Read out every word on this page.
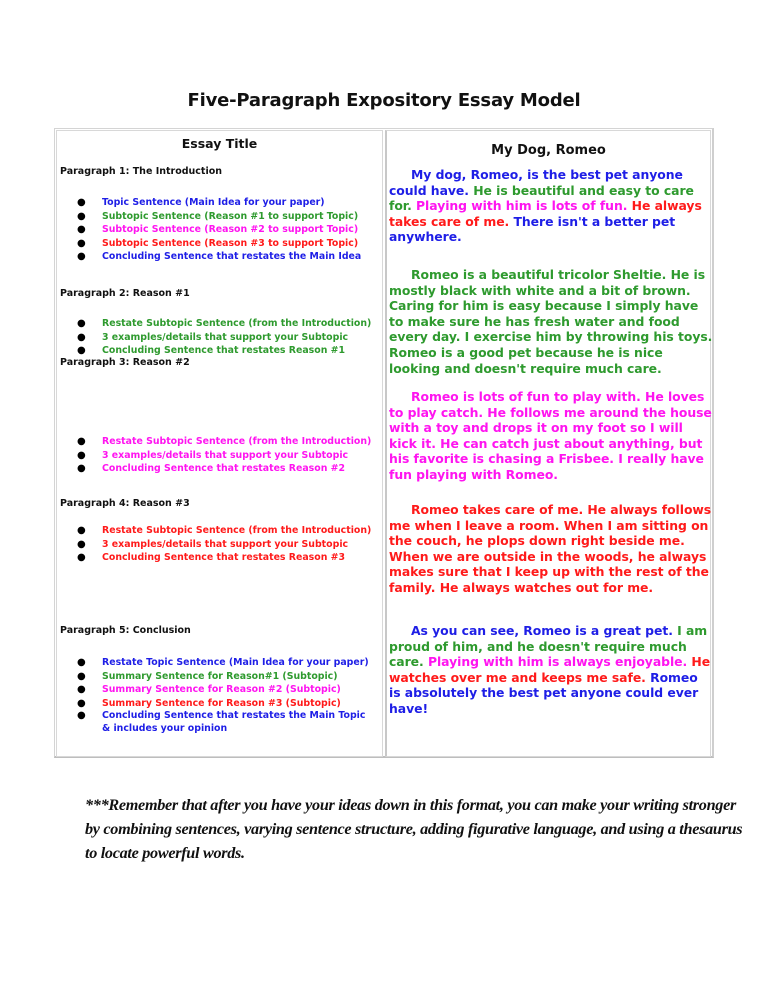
Five-Paragraph Expository Essay Model
Essay Title
Paragraph 1: The Introduction
● Topic Sentence (Main Idea for your paper)
● Subtopic Sentence (Reason #1 to support Topic)
● Subtopic Sentence (Reason #2 to support Topic)
● Subtopic Sentence (Reason #3 to support Topic)
● Concluding Sentence that restates the Main Idea
Paragraph 2: Reason #1
● Restate Subtopic Sentence (from the Introduction)
● 3 examples/details that support your Subtopic
● Concluding Sentence that restates Reason #1
Paragraph 3: Reason #2
● Restate Subtopic Sentence (from the Introduction)
● 3 examples/details that support your Subtopic
● Concluding Sentence that restates Reason #2
Paragraph 4: Reason #3
● Restate Subtopic Sentence (from the Introduction)
● 3 examples/details that support your Subtopic
● Concluding Sentence that restates Reason #3
Paragraph 5: Conclusion
● Restate Topic Sentence (Main Idea for your paper)
● Summary Sentence for Reason#1 (Subtopic)
● Summary Sentence for Reason #2 (Subtopic)
● Summary Sentence for Reason #3 (Subtopic)
● Concluding Sentence that restates the Main Topic & includes your opinion
My Dog, Romeo

My dog, Romeo, is the best pet anyone could have. He is beautiful and easy to care for. Playing with him is lots of fun. He always takes care of me. There isn't a better pet anywhere.

Romeo is a beautiful tricolor Sheltie. He is mostly black with white and a bit of brown. Caring for him is easy because I simply have to make sure he has fresh water and food every day. I exercise him by throwing his toys. Romeo is a good pet because he is nice looking and doesn't require much care.

Romeo is lots of fun to play with. He loves to play catch. He follows me around the house with a toy and drops it on my foot so I will kick it. He can catch just about anything, but his favorite is chasing a Frisbee. I really have fun playing with Romeo.

Romeo takes care of me. He always follows me when I leave a room. When I am sitting on the couch, he plops down right beside me. When we are outside in the woods, he always makes sure that I keep up with the rest of the family. He always watches out for me.

As you can see, Romeo is a great pet. I am proud of him, and he doesn't require much care. Playing with him is always enjoyable. He watches over me and keeps me safe. Romeo is absolutely the best pet anyone could ever have!

***Remember that after you have your ideas down in this format, you can make your writing stronger by combining sentences, varying sentence structure, adding figurative language, and using a thesaurus to locate powerful words.
